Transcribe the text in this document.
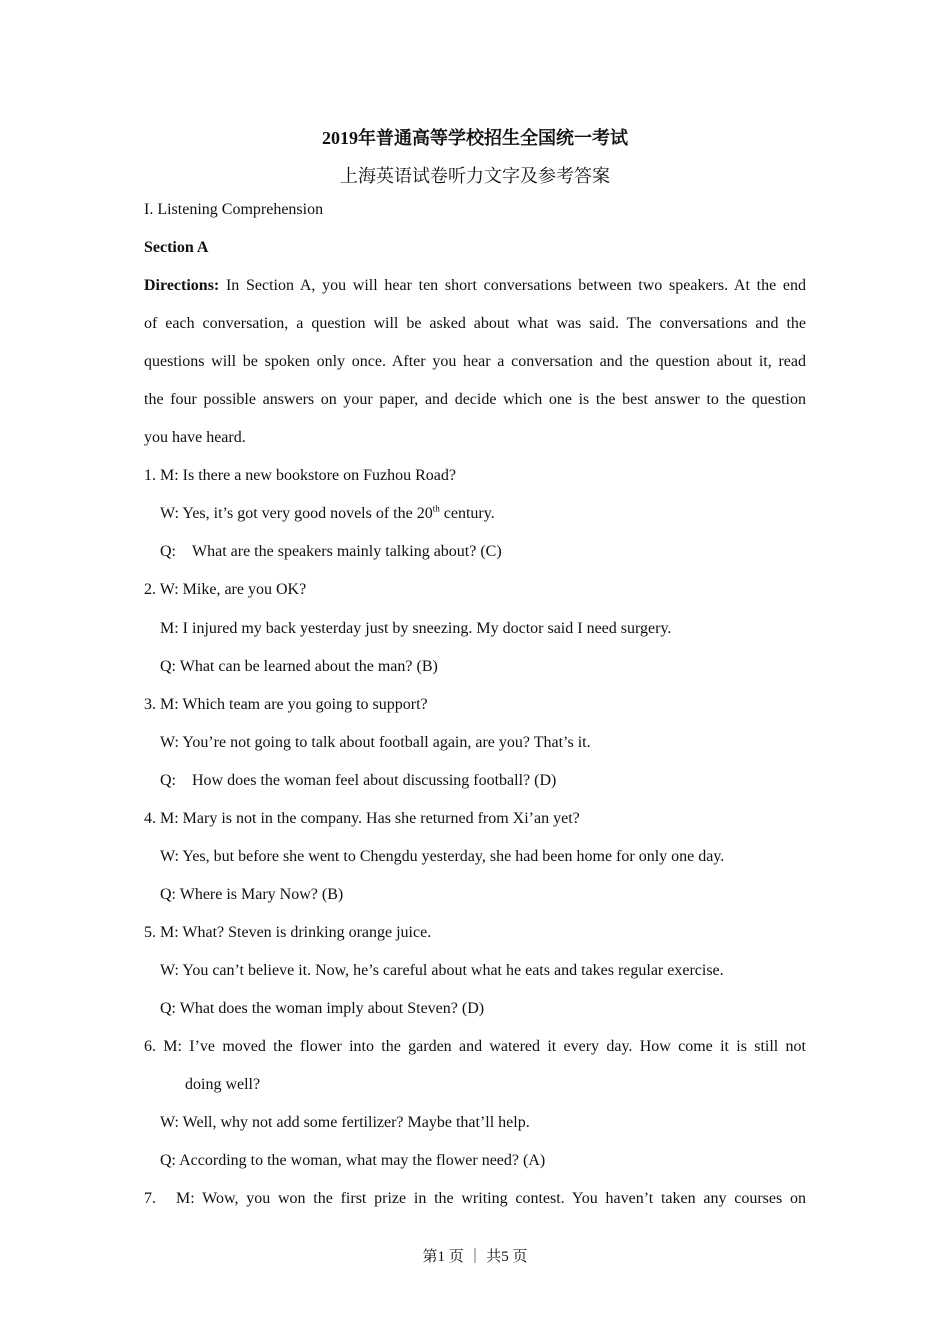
2019年普通高等学校招生全国统一考试
上海英语试卷听力文字及参考答案
I. Listening Comprehension
Section A
Directions: In Section A, you will hear ten short conversations between two speakers. At the end
of each conversation, a question will be asked about what was said. The conversations and the
questions will be spoken only once. After you hear a conversation and the question about it, read
the four possible answers on your paper, and decide which one is the best answer to the question
you have heard.
1. M: Is there a new bookstore on Fuzhou Road?
W: Yes, it’s got very good novels of the 20th century.
Q: What are the speakers mainly talking about? (C)
2. W: Mike, are you OK?
M: I injured my back yesterday just by sneezing. My doctor said I need surgery.
Q: What can be learned about the man? (B)
3. M: Which team are you going to support?
W: You’re not going to talk about football again, are you? That’s it.
Q: How does the woman feel about discussing football? (D)
4. M: Mary is not in the company. Has she returned from Xi’an yet?
W: Yes, but before she went to Chengdu yesterday, she had been home for only one day.
Q: Where is Mary Now? (B)
5. M: What? Steven is drinking orange juice.
W: You can’t believe it. Now, he’s careful about what he eats and takes regular exercise.
Q: What does the woman imply about Steven? (D)
6. M: I’ve moved the flower into the garden and watered it every day. How come it is still not
doing well?
W: Well, why not add some fertilizer? Maybe that’ll help.
Q: According to the woman, what may the flower need? (A)
7. M: Wow, you won the first prize in the writing contest. You haven’t taken any courses on
第1 页 ｜ 共5 页
